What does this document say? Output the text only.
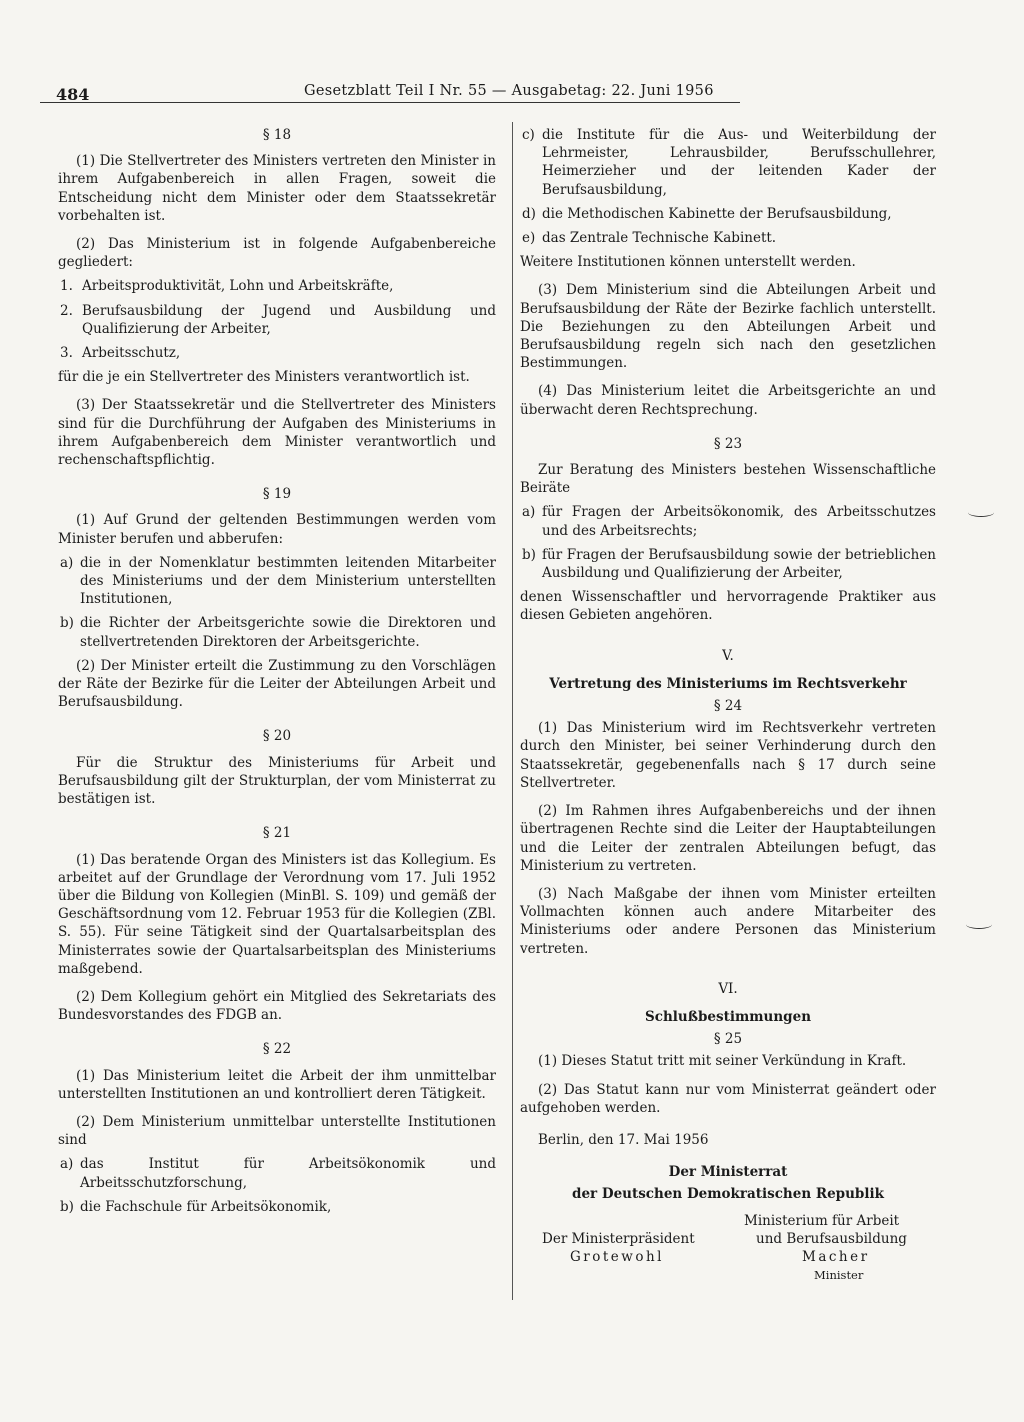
484	Gesetzblatt Teil I Nr. 55 — Ausgabetag: 22. Juni 1956
§ 18

(1) Die Stellvertreter des Ministers vertreten den Minister in ihrem Aufgabenbereich in allen Fragen, soweit die Entscheidung nicht dem Minister oder dem Staatssekretär vorbehalten ist.

(2) Das Ministerium ist in folgende Aufgabenbereiche gegliedert:

1. Arbeitsproduktivität, Lohn und Arbeitskräfte,
2. Berufsausbildung der Jugend und Ausbildung und Qualifizierung der Arbeiter,
3. Arbeitsschutz,

für die je ein Stellvertreter des Ministers verantwortlich ist.

(3) Der Staatssekretär und die Stellvertreter des Ministers sind für die Durchführung der Aufgaben des Ministeriums in ihrem Aufgabenbereich dem Minister verantwortlich und rechenschaftspflichtig.

§ 19

(1) Auf Grund der geltenden Bestimmungen werden vom Minister berufen und abberufen:

a) die in der Nomenklatur bestimmten leitenden Mitarbeiter des Ministeriums und der dem Ministerium unterstellten Institutionen,
b) die Richter der Arbeitsgerichte sowie die Direktoren und stellvertretenden Direktoren der Arbeitsgerichte.

(2) Der Minister erteilt die Zustimmung zu den Vorschlägen der Räte der Bezirke für die Leiter der Abteilungen Arbeit und Berufsausbildung.

§ 20

Für die Struktur des Ministeriums für Arbeit und Berufsausbildung gilt der Strukturplan, der vom Ministerrat zu bestätigen ist.

§ 21

(1) Das beratende Organ des Ministers ist das Kollegium. Es arbeitet auf der Grundlage der Verordnung vom 17. Juli 1952 über die Bildung von Kollegien (MinBl. S. 109) und gemäß der Geschäftsordnung vom 12. Februar 1953 für die Kollegien (ZBl. S. 55). Für seine Tätigkeit sind der Quartalsarbeitsplan des Ministerrates sowie der Quartalsarbeitsplan des Ministeriums maßgebend.

(2) Dem Kollegium gehört ein Mitglied des Sekretariats des Bundesvorstandes des FDGB an.

§ 22

(1) Das Ministerium leitet die Arbeit der ihm unmittelbar unterstellten Institutionen an und kontrolliert deren Tätigkeit.

(2) Dem Ministerium unmittelbar unterstellte Institutionen sind

a) das Institut für Arbeitsökonomik und Arbeitsschutzforschung,
b) die Fachschule für Arbeitsökonomik,
c) die Institute für die Aus- und Weiterbildung der Lehrmeister, Lehrausbilder, Berufsschullehrer, Heimerzieher und der leitenden Kader der Berufsausbildung,
d) die Methodischen Kabinette der Berufsausbildung,
e) das Zentrale Technische Kabinett.

Weitere Institutionen können unterstellt werden.

(3) Dem Ministerium sind die Abteilungen Arbeit und Berufsausbildung der Räte der Bezirke fachlich unterstellt. Die Beziehungen zu den Abteilungen Arbeit und Berufsausbildung regeln sich nach den gesetzlichen Bestimmungen.

(4) Das Ministerium leitet die Arbeitsgerichte an und überwacht deren Rechtsprechung.

§ 23

Zur Beratung des Ministers bestehen Wissenschaftliche Beiräte

a) für Fragen der Arbeitsökonomik, des Arbeitsschutzes und des Arbeitsrechts;
b) für Fragen der Berufsausbildung sowie der betrieblichen Ausbildung und Qualifizierung der Arbeiter,

denen Wissenschaftler und hervorragende Praktiker aus diesen Gebieten angehören.

V.
Vertretung des Ministeriums im Rechtsverkehr
§ 24

(1) Das Ministerium wird im Rechtsverkehr vertreten durch den Minister, bei seiner Verhinderung durch den Staatssekretär, gegebenenfalls nach § 17 durch seine Stellvertreter.

(2) Im Rahmen ihres Aufgabenbereichs und der ihnen übertragenen Rechte sind die Leiter der Hauptabteilungen und die Leiter der zentralen Abteilungen befugt, das Ministerium zu vertreten.

(3) Nach Maßgabe der ihnen vom Minister erteilten Vollmachten können auch andere Mitarbeiter des Ministeriums oder andere Personen das Ministerium vertreten.

VI.
Schlußbestimmungen
§ 25

(1) Dieses Statut tritt mit seiner Verkündung in Kraft.

(2) Das Statut kann nur vom Ministerrat geändert oder aufgehoben werden.

Berlin, den 17. Mai 1956
Der Ministerrat
der Deutschen Demokratischen Republik
Der Ministerpräsident
Grotewohl
Ministerium für Arbeit
und Berufsausbildung
Macher
Minister
